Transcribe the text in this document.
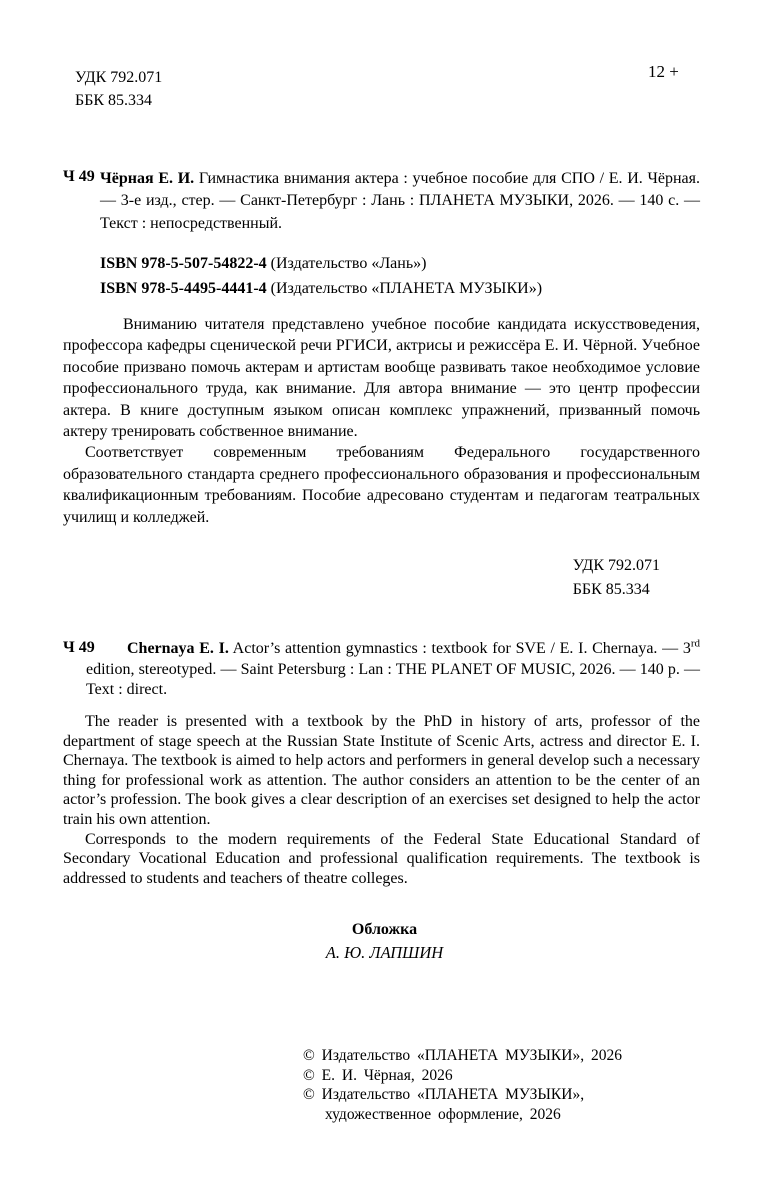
УДК 792.071
ББК 85.334
12 +
Ч 49 Чёрная Е. И. Гимнастика внимания актера : учебное пособие для СПО / Е. И. Чёрная. — 3-е изд., стер. — Санкт-Петербург : Лань : ПЛАНЕТА МУЗЫКИ, 2026. — 140 с. — Текст : непосредственный.

ISBN 978-5-507-54822-4 (Издательство «Лань»)
ISBN 978-5-4495-4441-4 (Издательство «ПЛАНЕТА МУЗЫКИ»)

Вниманию читателя представлено учебное пособие кандидата искусствоведения, профессора кафедры сценической речи РГИСИ, актрисы и режиссёра Е. И. Чёрной. Учебное пособие призвано помочь актерам и артистам вообще развивать такое необходимое условие профессионального труда, как внимание. Для автора внимание — это центр профессии актера. В книге доступным языком описан комплекс упражнений, призванный помочь актеру тренировать собственное внимание.

Соответствует современным требованиям Федерального государственного образовательного стандарта среднего профессионального образования и профессиональным квалификационным требованиям. Пособие адресовано студентам и педагогам театральных училищ и колледжей.

УДК 792.071
ББК 85.334
Ч 49	Chernaya E. I. Actor’s attention gymnastics : textbook for SVE / E. I. Chernaya. — 3rd edition, stereotyped. — Saint Petersburg : Lan : THE PLANET OF MUSIC, 2026. — 140 p. — Text : direct.

The reader is presented with a textbook by the PhD in history of arts, professor of the department of stage speech at the Russian State Institute of Scenic Arts, actress and director E. I. Chernaya. The textbook is aimed to help actors and performers in general develop such a necessary thing for professional work as attention. The author considers an attention to be the center of an actor’s profession. The book gives a clear description of an exercises set designed to help the actor train his own attention.

Corresponds to the modern requirements of the Federal State Educational Standard of Secondary Vocational Education and professional qualification requirements. The textbook is addressed to students and teachers of theatre colleges.

Обложка
А. Ю. ЛАПШИН
© Издательство «ПЛАНЕТА МУЗЫКИ», 2026
© Е. И. Чёрная, 2026
© Издательство «ПЛАНЕТА МУЗЫКИ»,
художественное оформление, 2026
